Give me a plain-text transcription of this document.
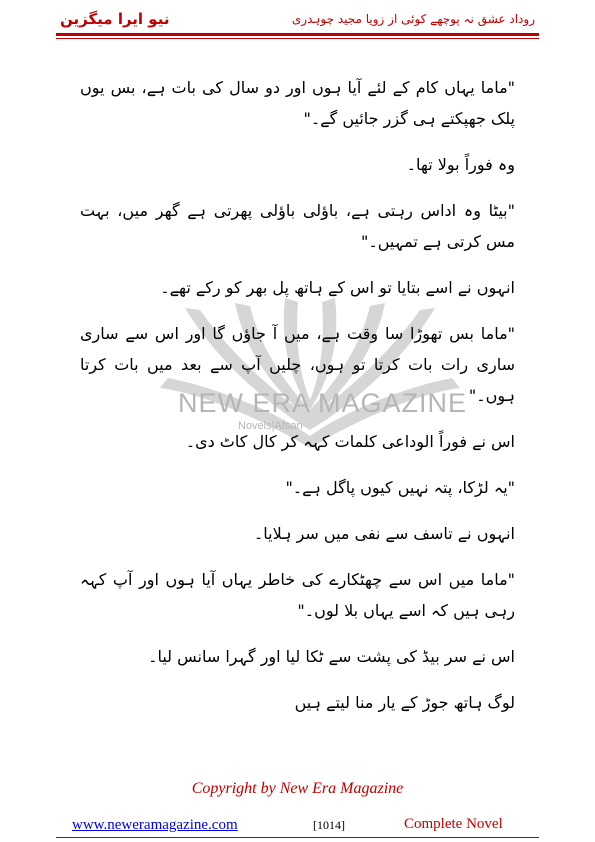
نیو ایرا میگزین	روداد عشق نہ پوچھے کوئی از زویا مجید چوہدری
NEW ERA MAGAZINE
Novels|Afsan

"ماما یہاں کام کے لئے آیا ہوں اور دو سال کی بات ہے، بس یوں پلک جھپکتے ہی گزر جائیں گے۔"

وہ فوراً بولا تھا۔

"بیٹا وہ اداس رہتی ہے، باؤلی باؤلی پھرتی ہے گھر میں، بہت مس کرتی ہے تمہیں۔"

انہوں نے اسے بتایا تو اس کے ہاتھ پل بھر کو رکے تھے۔

"ماما بس تھوڑا سا وقت ہے، میں آ جاؤں گا اور اس سے ساری ساری رات بات کرتا تو ہوں، چلیں آپ سے بعد میں بات کرتا ہوں۔"

اس نے فوراً الوداعی کلمات کہہ کر کال کاٹ دی۔

"یہ لڑکا، پتہ نہیں کیوں پاگل ہے۔"

انہوں نے تاسف سے نفی میں سر ہلایا۔

"ماما میں اس سے چھٹکارے کی خاطر یہاں آیا ہوں اور آپ کہہ رہی ہیں کہ اسے یہاں بلا لوں۔"

اس نے سر بیڈ کی پشت سے ٹکا لیا اور گہرا سانس لیا۔

لوگ ہاتھ جوڑ کے یار منا لیتے ہیں

Copyright by New Era Magazine
www.neweramagazine.com	[1014]	Complete Novel
